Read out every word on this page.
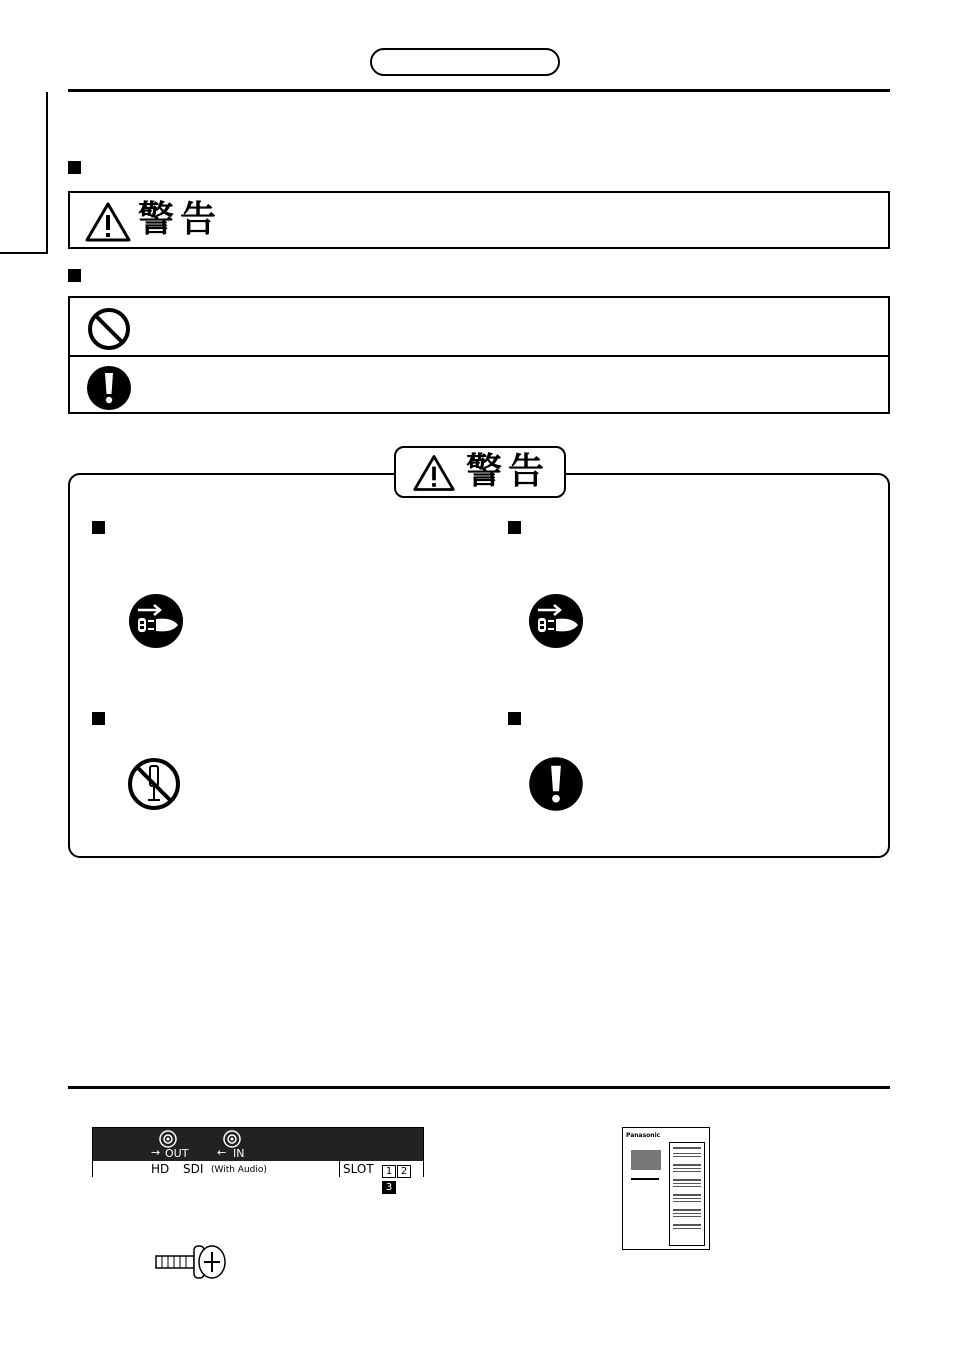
警告
警告
→ OUT	← IN
HD SDI (With Audio)	SLOT	1 23
Panasonic
